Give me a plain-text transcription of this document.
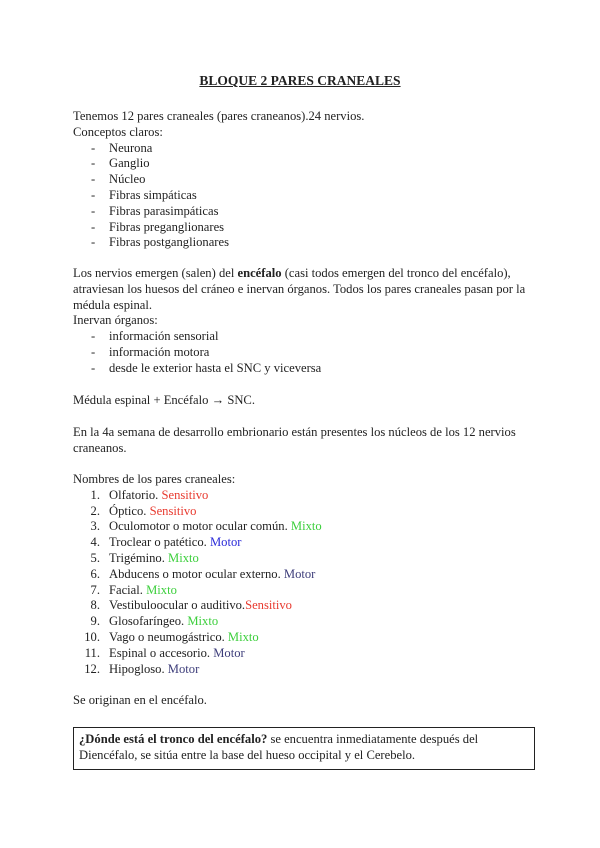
BLOQUE 2 PARES CRANEALES
Tenemos 12 pares craneales (pares craneanos).24 nervios.
Conceptos claros:
- Neurona
- Ganglio
- Núcleo
- Fibras simpáticas
- Fibras parasimpáticas
- Fibras preganglionares
- Fibras postganglionares

Los nervios emergen (salen) del encéfalo (casi todos emergen del tronco del encéfalo), atraviesan los huesos del cráneo e inervan órganos. Todos los pares craneales pasan por la médula espinal.

Inervan órganos:
- información sensorial
- información motora
- desde le exterior hasta el SNC y viceversa
Médula espinal + Encéfalo → SNC.

En la 4a semana de desarrollo embrionario están presentes los núcleos de los 12 nervios craneanos.

Nombres de los pares craneales:
1. Olfatorio. Sensitivo
2. Óptico. Sensitivo
3. Oculomotor o motor ocular común. Mixto
4. Troclear o patético. Motor
5. Trigémino. Mixto
6. Abducens o motor ocular externo. Motor
7. Facial. Mixto
8. Vestibuloocular o auditivo.Sensitivo
9. Glosofaríngeo. Mixto
10. Vago o neumogástrico. Mixto
11. Espinal o accesorio. Motor
12. Hipogloso. Motor
Se originan en el encéfalo.
¿Dónde está el tronco del encéfalo? se encuentra inmediatamente después del Diencéfalo, se sitúa entre la base del hueso occipital y el Cerebelo.
